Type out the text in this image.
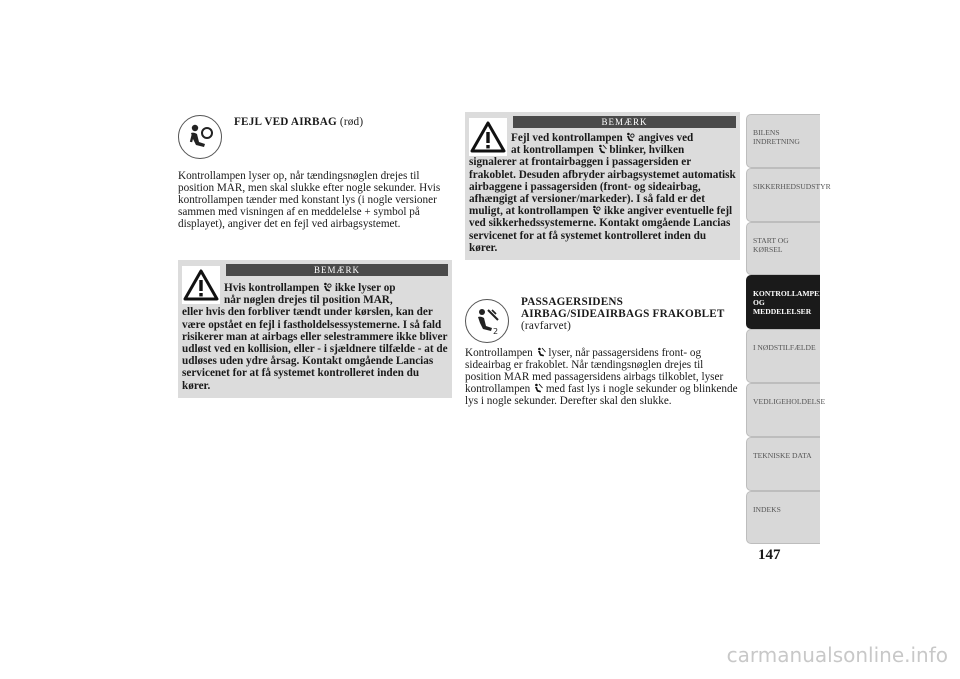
FEJL VED AIRBAG (rød)

Kontrollampen lyser op, når tændingsnøglen drejes til position MAR, men skal slukke efter nogle sekunder. Hvis kontrollampen tænder med konstant lys (i nogle versioner sammen med visningen af en meddelelse + symbol på displayet), angiver det en fejl ved airbagsystemet.

BEMÆRK
Hvis kontrollampen ikke lyser op
når nøglen drejes til position MAR,
eller hvis den forbliver tændt under kørslen, kan der være opstået en fejl i fastholdelsessystemerne. I så fald risikerer man at airbags eller selestrammere ikke bliver udløst ved en kollision, eller - i sjældnere tilfælde - at de udløses uden ydre årsag. Kontakt omgående Lancias servicenet for at få systemet kontrolleret inden du kører.
BEMÆRK
Fejl ved kontrollampen angives ved
at kontrollampen blinker, hvilken
signalerer at frontairbaggen i passagersiden er frakoblet. Desuden afbryder airbagsystemet automatisk airbaggene i passagersiden (front- og sideairbag, afhængigt af versioner/markeder). I så fald er det muligt, at kontrollampen ikke angiver eventuelle fejl ved sikkerhedssystemerne. Kontakt omgående Lancias servicenet for at få systemet kontrolleret inden du kører.
2
PASSAGERSIDENS
AIRBAG/SIDEAIRBAGS FRAKOBLET
(ravfarvet)

Kontrollampen lyser, når passagersidens front- og sideairbag er frakoblet. Når tændingsnøglen drejes til position MAR med passagersidens airbags tilkoblet, lyser kontrollampen med fast lys i nogle sekunder og blinkende lys i nogle sekunder. Derefter skal den slukke.

BILENS INDRETNING
SIKKERHEDSUDSTYR
START OG KØRSEL
KONTROLLAMPER OG MEDDELELSER
I NØDSTILFÆLDE
VEDLIGEHOLDELSE
TEKNISKE DATA
INDEKS
147
carmanualsonline.info
